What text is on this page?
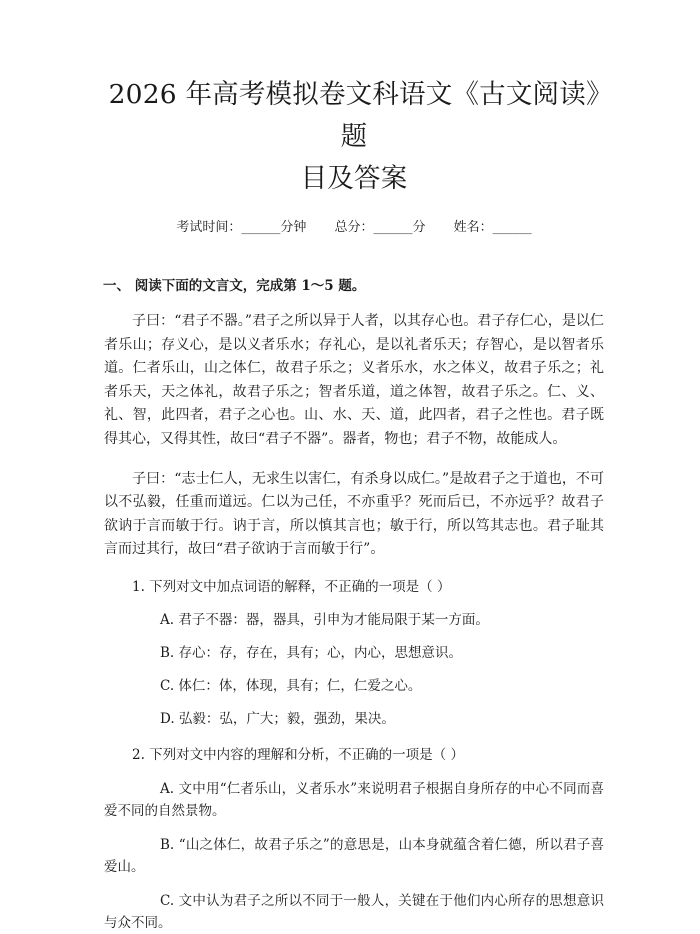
2026 年高考模拟卷文科语文《古文阅读》题
目及答案
考试时间：______分钟 总分：______分 姓名：______
一、 阅读下面的文言文，完成第 1～5 题。

子曰：“君子不器。”君子之所以异于人者，以其存心也。君子存仁心，是以仁者乐山；存义心，是以义者乐水；存礼心，是以礼者乐天；存智心，是以智者乐道。仁者乐山，山之体仁，故君子乐之；义者乐水，水之体义，故君子乐之；礼者乐天，天之体礼，故君子乐之；智者乐道，道之体智，故君子乐之。仁、义、礼、智，此四者，君子之心也。山、水、天、道，此四者，君子之性也。君子既得其心，又得其性，故曰“君子不器”。器者，物也；君子不物，故能成人。

子曰：“志士仁人，无求生以害仁，有杀身以成仁。”是故君子之于道也，不可以不弘毅，任重而道远。仁以为己任，不亦重乎？死而后已，不亦远乎？故君子欲讷于言而敏于行。讷于言，所以慎其言也；敏于行，所以笃其志也。君子耻其言而过其行，故曰“君子欲讷于言而敏于行”。

1. 下列对文中加点词语的解释，不正确的一项是（ ）
A. 君子不器：器，器具，引申为才能局限于某一方面。
B. 存心：存，存在，具有；心，内心，思想意识。
C. 体仁：体，体现，具有；仁，仁爱之心。
D. 弘毅：弘，广大；毅，强劲，果决。
2. 下列对文中内容的理解和分析，不正确的一项是（ ）
A. 文中用“仁者乐山，义者乐水”来说明君子根据自身所存的中心不同而喜爱不同的自然景物。
B. “山之体仁，故君子乐之”的意思是，山本身就蕴含着仁德，所以君子喜爱山。
C. 文中认为君子之所以不同于一般人，关键在于他们内心所存的思想意识与众不同。
